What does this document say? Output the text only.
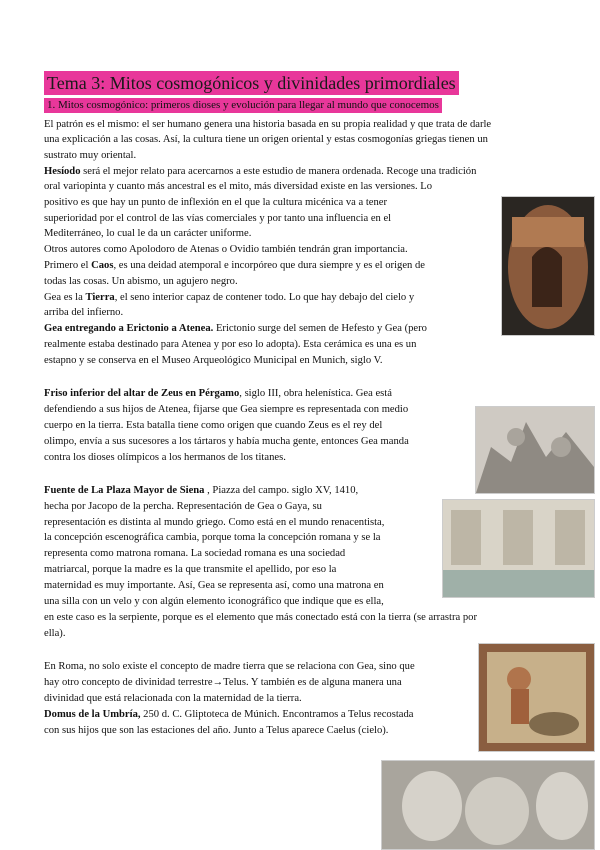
Tema 3: Mitos cosmogónicos y divinidades primordiales
1. Mitos cosmogónico: primeros dioses y evolución para llegar al mundo que conocemos
El patrón es el mismo: el ser humano genera una historia basada en su propia realidad y que trata de darle
una explicación a las cosas. Así, la cultura tiene un origen oriental y estas cosmogonías griegas tienen un
sustrato muy oriental.
Hesíodo será el mejor relato para acercarnos a este estudio de manera ordenada. Recoge una tradición
oral variopinta y cuanto más ancestral es el mito, más diversidad existe en las versiones. Lo
positivo es que hay un punto de inflexión en el que la cultura micénica va a tener
superioridad por el control de las vías comerciales y por tanto una influencia en el
Mediterráneo, lo cual le da un carácter uniforme.
Otros autores como Apolodoro de Atenas o Ovidio también tendrán gran importancia.
Primero el Caos, es una deidad atemporal e incorpóreo que dura siempre y es el origen de
todas las cosas. Un abismo, un agujero negro.
Gea es la Tierra, el seno interior capaz de contener todo. Lo que hay debajo del cielo y
arriba del infierno.
Gea entregando a Erictonio a Atenea. Erictonio surge del semen de Hefesto y Gea (pero
realmente estaba destinado para Atenea y por eso lo adopta). Esta cerámica es una es un
estapno y se conserva en el Museo Arqueológico Municipal en Munich, siglo V.
Friso inferior del altar de Zeus en Pérgamo, siglo III, obra helenística. Gea está
defendiendo a sus hijos de Atenea, fijarse que Gea siempre es representada con medio
cuerpo en la tierra. Esta batalla tiene como origen que cuando Zeus es el rey del
olimpo, envía a sus sucesores a los tártaros y había mucha gente, entonces Gea manda
contra los dioses olímpicos a los hermanos de los titanes.
Fuente de La Plaza Mayor de Siena , Piazza del campo. siglo XV, 1410,
hecha por Jacopo de la percha. Representación de Gea o Gaya, su
representación es distinta al mundo griego. Como está en el mundo renacentista,
la concepción escenográfica cambia, porque toma la concepción romana y se la
representa como matrona romana. La sociedad romana es una sociedad
matriarcal, porque la madre es la que transmite el apellido, por eso la
maternidad es muy importante. Así, Gea se representa así, como una matrona en
una silla con un velo y con algún elemento iconográfico que indique que es ella,
en este caso es la serpiente, porque es el elemento que más conectado está con la tierra (se arrastra por
ella).
En Roma, no solo existe el concepto de madre tierra que se relaciona con Gea, sino que
hay otro concepto de divinidad terrestre→Telus. Y también es de alguna manera una
divinidad que está relacionada con la maternidad de la tierra.
Domus de la Umbría, 250 d. C. Gliptoteca de Múnich. Encontramos a Telus recostada
con sus hijos que son las estaciones del año. Junto a Telus aparece Caelus (cielo).
